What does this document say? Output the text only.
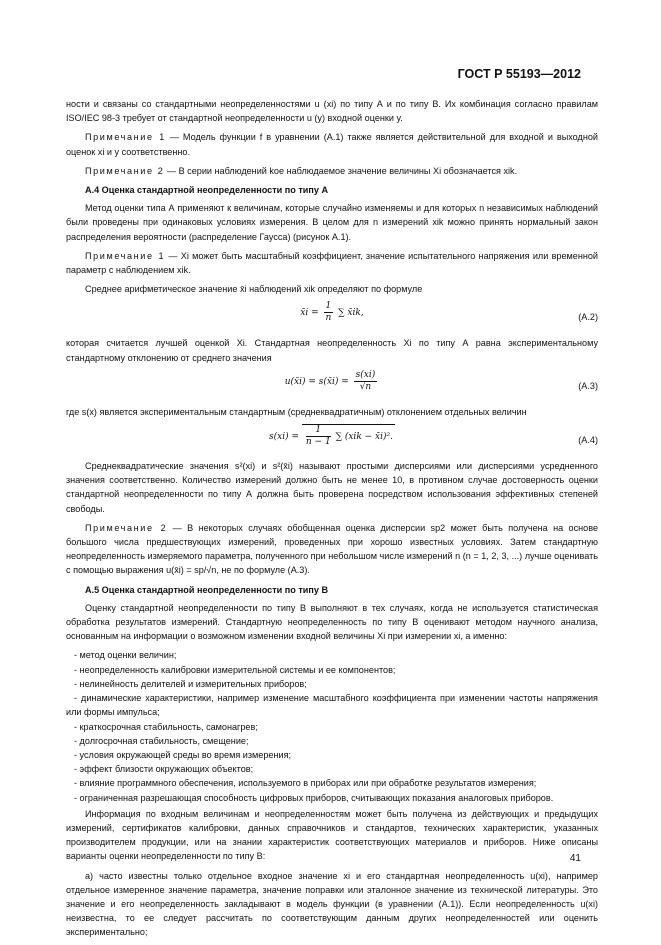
ГОСТ Р 55193—2012

ности и связаны со стандартными неопределенностями u (xi) по типу А и по типу В. Их комбинация согласно правилам ISO/IEC 98-3 требует от стандартной неопределенности u (y) входной оценки y.

Примечание 1 — Модель функции f в уравнении (А.1) также является действительной для входной и выходной оценок xi и y соответственно.

Примечание 2 — В серии наблюдений kое наблюдаемое значение величины Xi обозначается xik.

А.4 Оценка стандартной неопределенности по типу А

Метод оценки типа А применяют к величинам, которые случайно изменяемы и для которых n независимых наблюдений были проведены при одинаковых условиях измерения. В целом для n измерений xik можно принять нормальный закон распределения вероятности (распределение Гаусса) (рисунок А.1).

Примечание 1 — Xi может быть масштабный коэффициент, значение испытательного напряжения или временной параметр с наблюдением xik.

Среднее арифметическое значение x̄i наблюдений xik определяют по формуле

x̄i = $\frac{1}{n}$ ∑ x̄ik,	(А.2)

которая считается лучшей оценкой Xi. Стандартная неопределенность Xi по типу А равна экспериментальному стандартному отклонению от среднего значения

u(x̄i) = s(x̄i) = $\frac{s(xi)}{√n}$	(А.3)

где s(x) является экспериментальным стандартным (среднеквадратичным) отклонением отдельных величин

$s(xi) = \frac{1}{n - 1}$ ∑ (xik − x̄i)².	(А.4)

Среднеквадратические значения s²(xi) и s²(x̄i) называют простыми дисперсиями или дисперсиями усредненного значения соответственно. Количество измерений должно быть не менее 10, в противном случае достоверность оценки стандартной неопределенности по типу А должна быть проверена посредством использования эффективных степеней свободы.

Примечание 2 — В некоторых случаях обобщенная оценка дисперсии sp2 может быть получена на основе большого числа предшествующих измерений, проведенных при хорошо известных условиях. Затем стандартную неопределенность измеряемого параметра, полученного при небольшом числе измерений n (n = 1, 2, 3, ...) лучше оценивать с помощью выражения u(x̄i) = sp/√n, не по формуле (А.3).

А.5 Оценка стандартной неопределенности по типу В

Оценку стандартной неопределенности по типу В выполняют в тех случаях, когда не используется статистическая обработка результатов измерений. Стандартную неопределенность по типу В оценивают методом научного анализа, основанным на информации о возможном изменении входной величины Xi при измерении xi, а именно:

- метод оценки величин;

- неопределенность калибровки измерительной системы и ее компонентов;

- нелинейность делителей и измерительных приборов;

- динамические характеристики, например изменение масштабного коэффициента при изменении частоты напряжения или формы импульса;

- краткосрочная стабильность, самонагрев;

- долгосрочная стабильность, смещение;

- условия окружающей среды во время измерения;

- эффект близости окружающих объектов;

- влияние программного обеспечения, используемого в приборах или при обработке результатов измерения;

- ограниченная разрешающая способность цифровых приборов, считывающих показания аналоговых приборов.

Информация по входным величинам и неопределенностям может быть получена из действующих и предыдущих измерений, сертификатов калибровки, данных справочников и стандартов, технических характеристик, указанных производителем продукции, или на знании характеристик соответствующих материалов и приборов. Ниже описаны варианты оценки неопределенности по типу В:

а) часто известны только отдельное входное значение xi и его стандартная неопределенность u(xi), например отдельное измеренное значение параметра, значение поправки или эталонное значение из технической литературы. Это значение и его неопределенность закладывают в модель функции (в уравнении (А.1)). Если неопределенность u(xi) неизвестна, то ее следует рассчитать по соответствующим данным других неопределенностей или оценить экспериментально;

41
